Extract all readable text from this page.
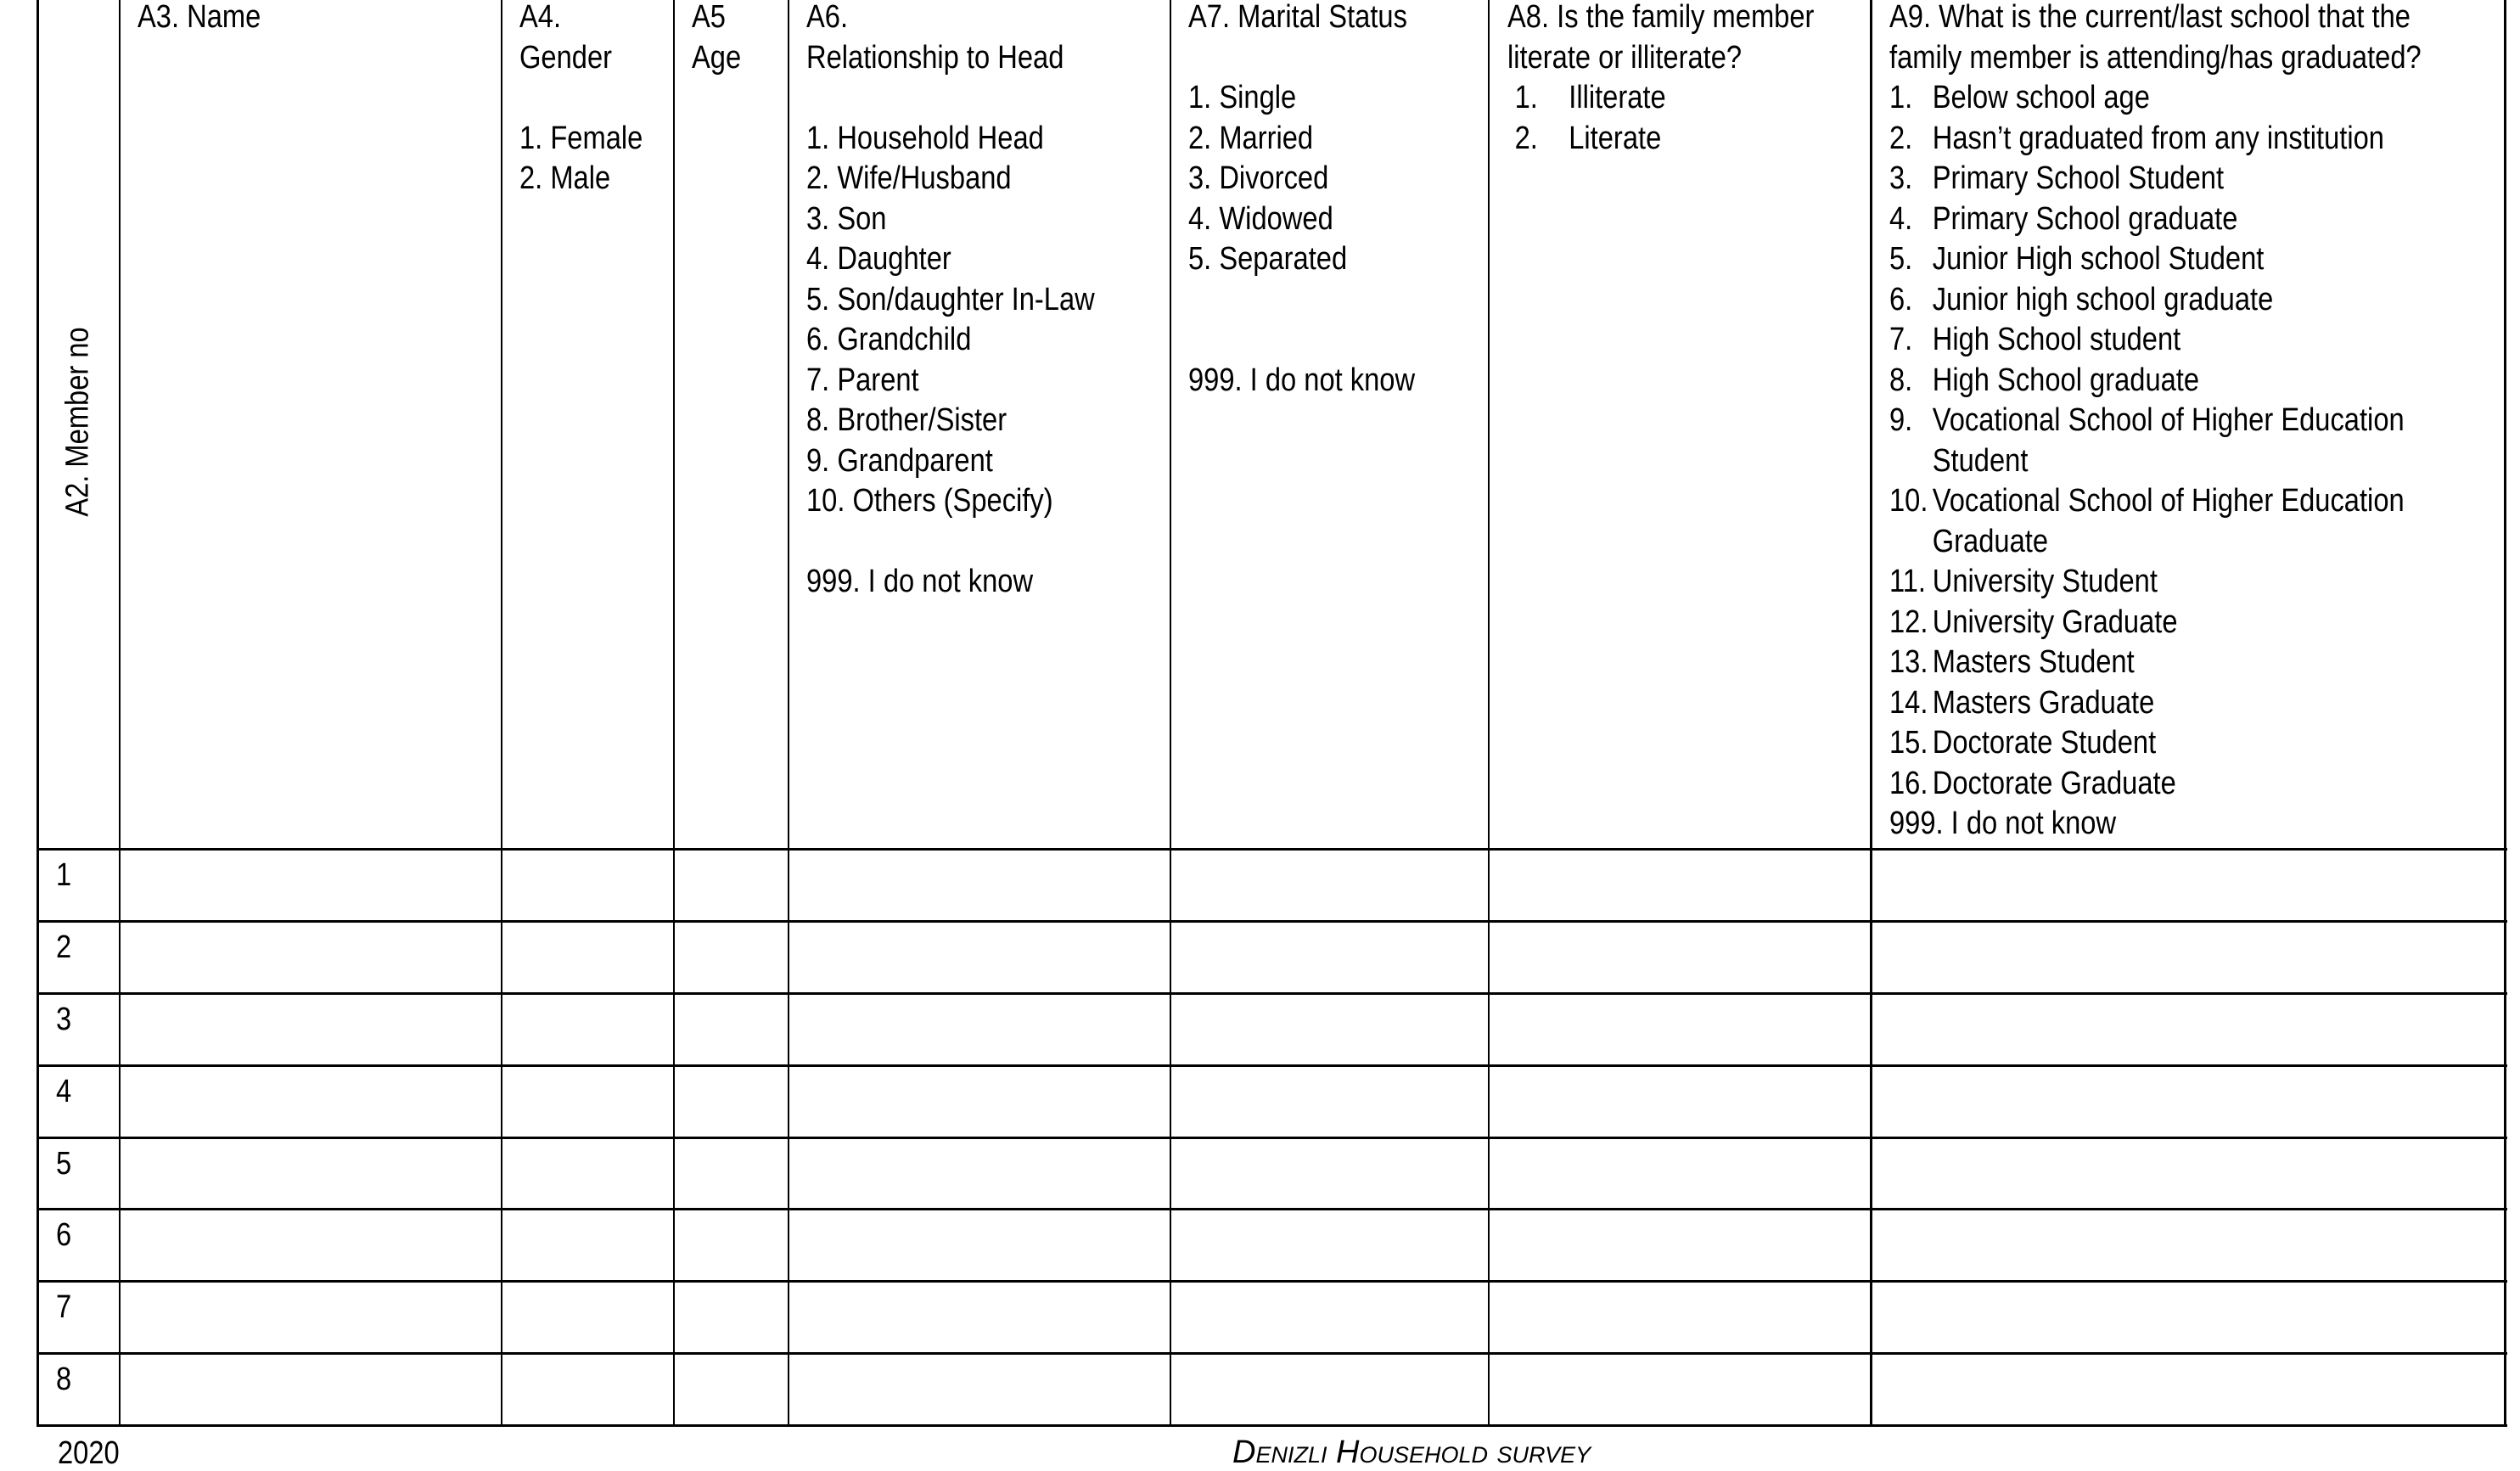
A2. Member no
A3. Name	A4.
Gender
1. Female
2. Male
A5
Age
A6.
Relationship to Head
1. Household Head
2. Wife/Husband
3. Son
4. Daughter
5. Son/daughter In-Law
6. Grandchild
7. Parent
8. Brother/Sister
9. Grandparent
10. Others (Specify)
999. I do not know
A7. Marital Status
1. Single
2. Married
3. Divorced
4. Widowed
5. Separated
999. I do not know
A8. Is the family member
literate or illiterate?
1. Illiterate
2. Literate
A9. What is the current/last school that the
family member is attending/has graduated?
1. Below school age
2. Hasn’t graduated from any institution
3. Primary School Student
4. Primary School graduate
5. Junior High school Student
6. Junior high school graduate
7. High School student
8. High School graduate
9. Vocational School of Higher Education
Student
10. Vocational School of Higher Education
Graduate
11. University Student
12. University Graduate
13. Masters Student
14. Masters Graduate
15. Doctorate Student
16. Doctorate Graduate
999. I do not know
1
2
3
4
5
6
7
8
2020	Denizli Household survey
